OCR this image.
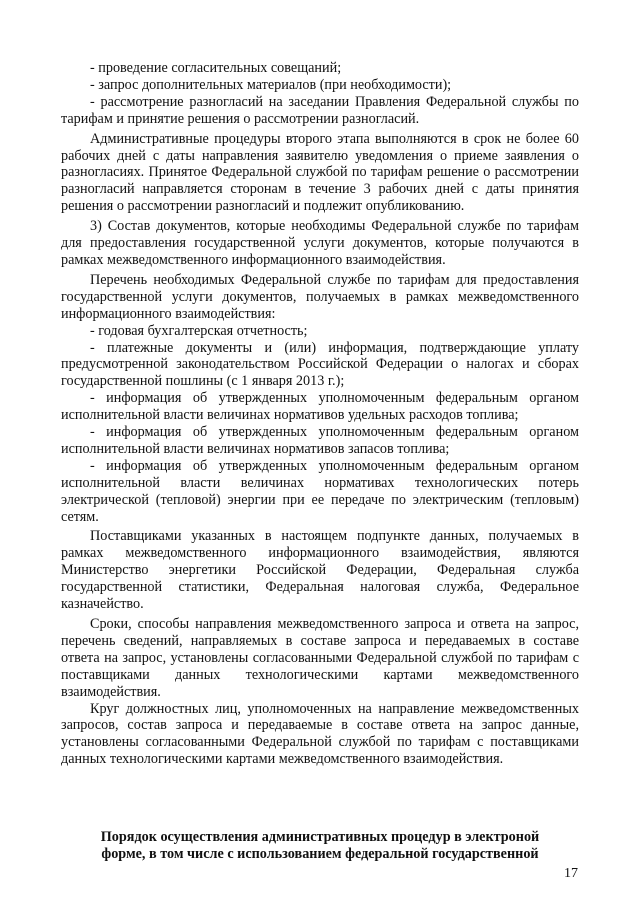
- проведение согласительных совещаний;

- запрос дополнительных материалов (при необходимости);

- рассмотрение разногласий на заседании Правления Федеральной службы по тарифам и принятие решения о рассмотрении разногласий.

Административные процедуры второго этапа выполняются в срок не более 60 рабочих дней с даты направления заявителю уведомления о приеме заявления о разногласиях. Принятое Федеральной службой по тарифам решение о рассмотрении разногласий направляется сторонам в течение 3 рабочих дней с даты принятия решения о рассмотрении разногласий и подлежит опубликованию.

3) Состав документов, которые необходимы Федеральной службе по тарифам для предоставления государственной услуги документов, которые получаются в рамках межведомственного информационного взаимодействия.

Перечень необходимых Федеральной службе по тарифам для предоставления государственной услуги документов, получаемых в рамках межведомственного информационного взаимодействия:

- годовая бухгалтерская отчетность;

- платежные документы и (или) информация, подтверждающие уплату предусмотренной законодательством Российской Федерации о налогах и сборах государственной пошлины (с 1 января 2013 г.);

- информация об утвержденных уполномоченным федеральным органом исполнительной власти величинах нормативов удельных расходов топлива;

- информация об утвержденных уполномоченным федеральным органом исполнительной власти величинах нормативов запасов топлива;

- информация об утвержденных уполномоченным федеральным органом исполнительной власти величинах нормативах технологических потерь электрической (тепловой) энергии при ее передаче по электрическим (тепловым) сетям.

Поставщиками указанных в настоящем подпункте данных, получаемых в рамках межведомственного информационного взаимодействия, являются Министерство энергетики Российской Федерации, Федеральная служба государственной статистики, Федеральная налоговая служба, Федеральное казначейство.

Сроки, способы направления межведомственного запроса и ответа на запрос, перечень сведений, направляемых в составе запроса и передаваемых в составе ответа на запрос, установлены согласованными Федеральной службой по тарифам с поставщиками данных технологическими картами межведомственного взаимодействия.

Круг должностных лиц, уполномоченных на направление межведомственных запросов, состав запроса и передаваемые в составе ответа на запрос данные, установлены согласованными Федеральной службой по тарифам с поставщиками данных технологическими картами межведомственного взаимодействия.

Порядок осуществления административных процедур в электроной
форме, в том числе с использованием федеральной государственной
17
